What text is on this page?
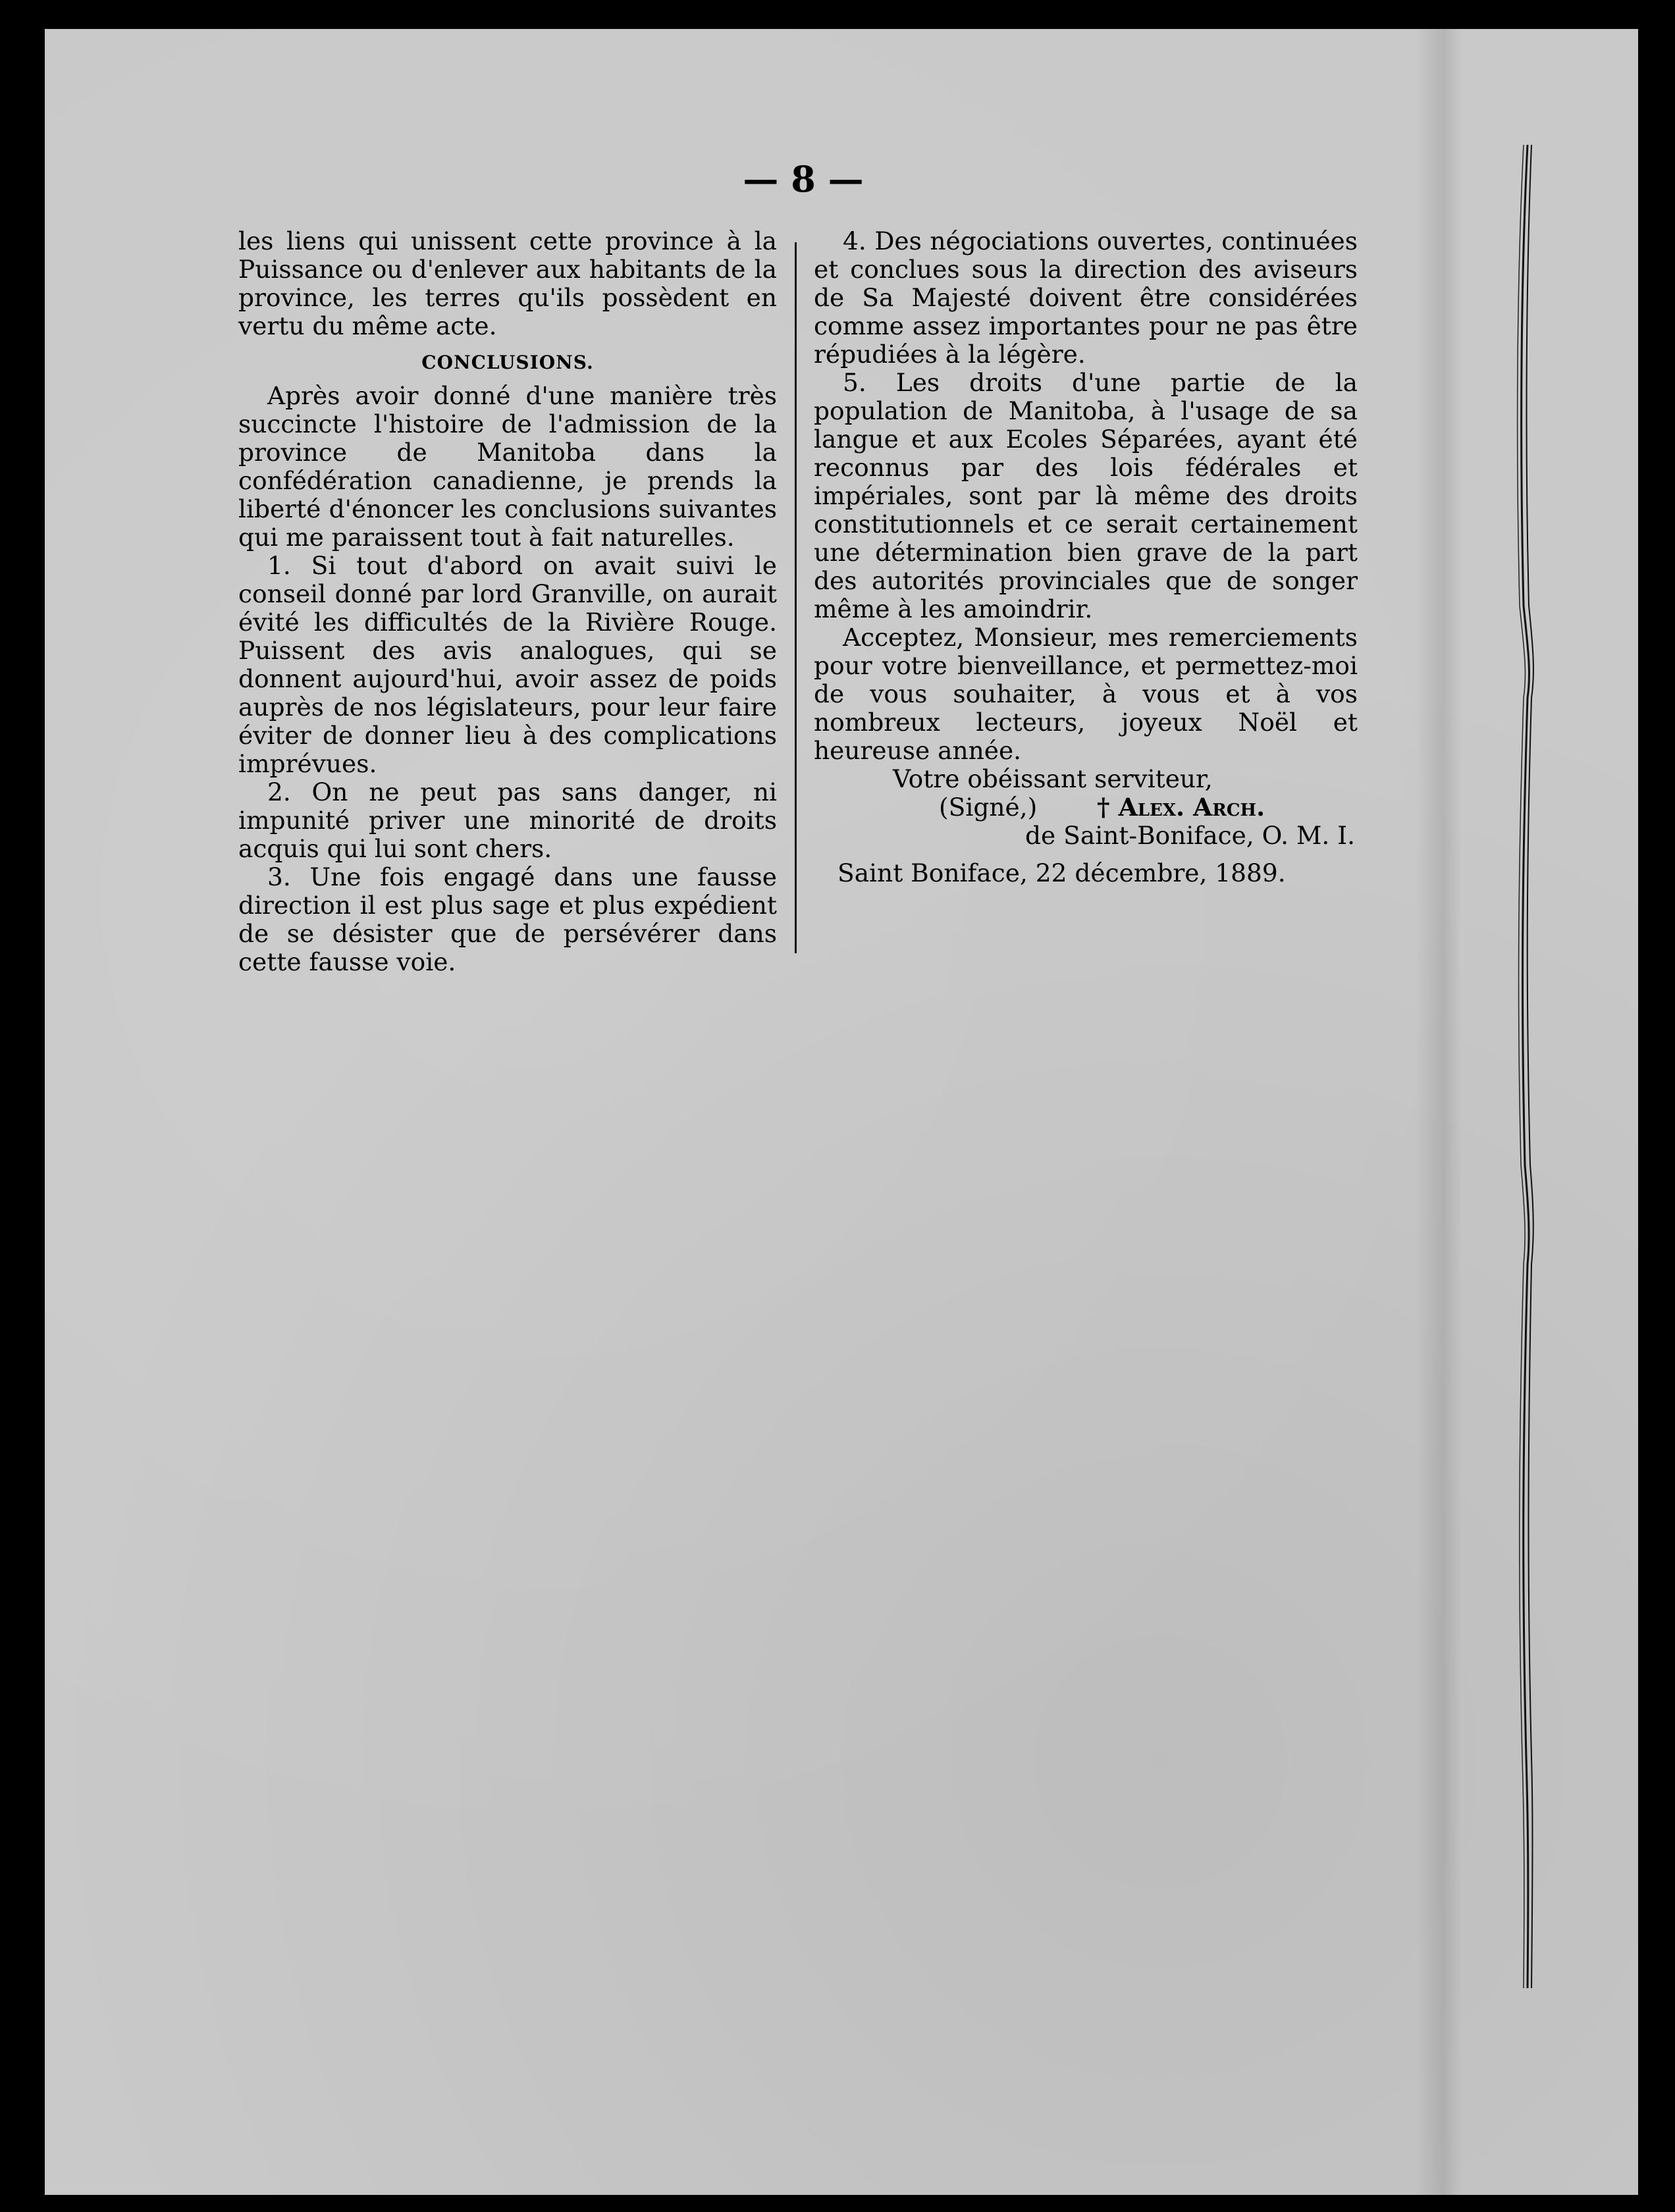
— 8 —

les liens qui unissent cette province à la Puissance ou d'enlever aux habitants de la province, les terres qu'ils possèdent en vertu du même acte.

CONCLUSIONS.

Après avoir donné d'une manière très succincte l'histoire de l'admission de la province de Manitoba dans la confédération canadienne, je prends la liberté d'énoncer les conclusions suivantes qui me paraissent tout à fait naturelles.

1. Si tout d'abord on avait suivi le conseil donné par lord Granville, on aurait évité les difficultés de la Rivière Rouge. Puissent des avis analogues, qui se donnent aujourd'hui, avoir assez de poids auprès de nos législateurs, pour leur faire éviter de donner lieu à des complications imprévues.

2. On ne peut pas sans danger, ni impunité priver une minorité de droits acquis qui lui sont chers.

3. Une fois engagé dans une fausse direction il est plus sage et plus expédient de se désister que de persévérer dans cette fausse voie.

4. Des négociations ouvertes, continuées et conclues sous la direction des aviseurs de Sa Majesté doivent être considérées comme assez importantes pour ne pas être répudiées à la légère.

5. Les droits d'une partie de la population de Manitoba, à l'usage de sa langue et aux Ecoles Séparées, ayant été reconnus par des lois fédérales et impériales, sont par là même des droits constitutionnels et ce serait certainement une détermination bien grave de la part des autorités provinciales que de songer même à les amoindrir.

Acceptez, Monsieur, mes remerciements pour votre bienveillance, et permettez-moi de vous souhaiter, à vous et à vos nombreux lecteurs, joyeux Noël et heureuse année.

Votre obéissant serviteur,

(Signé,) † Alex. Arch.

de Saint-Boniface, O. M. I.

Saint Boniface, 22 décembre, 1889.
